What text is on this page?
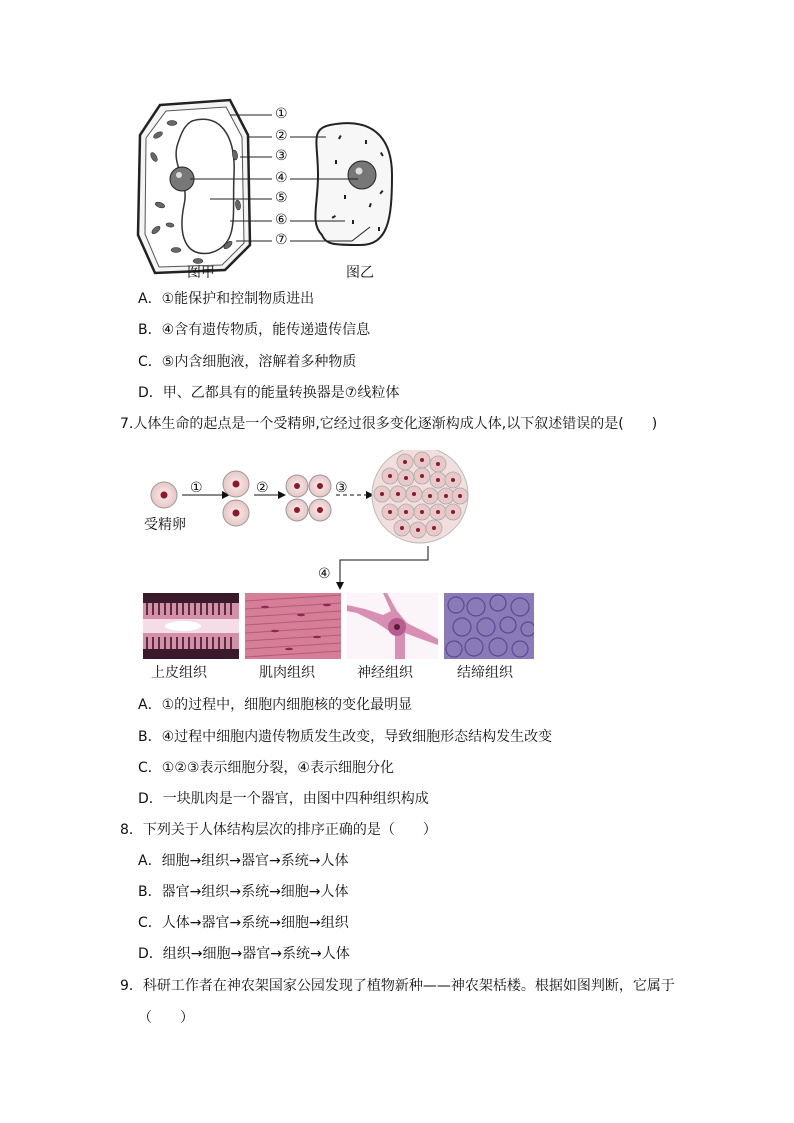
①
②
③
④
⑤
⑥
⑦
图甲	图乙
A．①能保护和控制物质进出
B．④含有遗传物质，能传递遗传信息
C．⑤内含细胞液，溶解着多种物质
D．甲、乙都具有的能量转换器是⑦线粒体
7.人体生命的起点是一个受精卵,它经过很多变化逐渐构成人体,以下叙述错误的是(　　)
①	②	③
④
受精卵
上皮组织	肌肉组织	神经组织	结缔组织
A．①的过程中，细胞内细胞核的变化最明显
B．④过程中细胞内遗传物质发生改变，导致细胞形态结构发生改变
C．①②③表示细胞分裂，④表示细胞分化
D．一块肌肉是一个器官，由图中四种组织构成
8．下列关于人体结构层次的排序正确的是（　　）
A．细胞→组织→器官→系统→人体
B．器官→组织→系统→细胞→人体
C．人体→器官→系统→细胞→组织
D．组织→细胞→器官→系统→人体
9．科研工作者在神农架国家公园发现了植物新种——神农架栝楼。根据如图判断，它属于
（　　）
